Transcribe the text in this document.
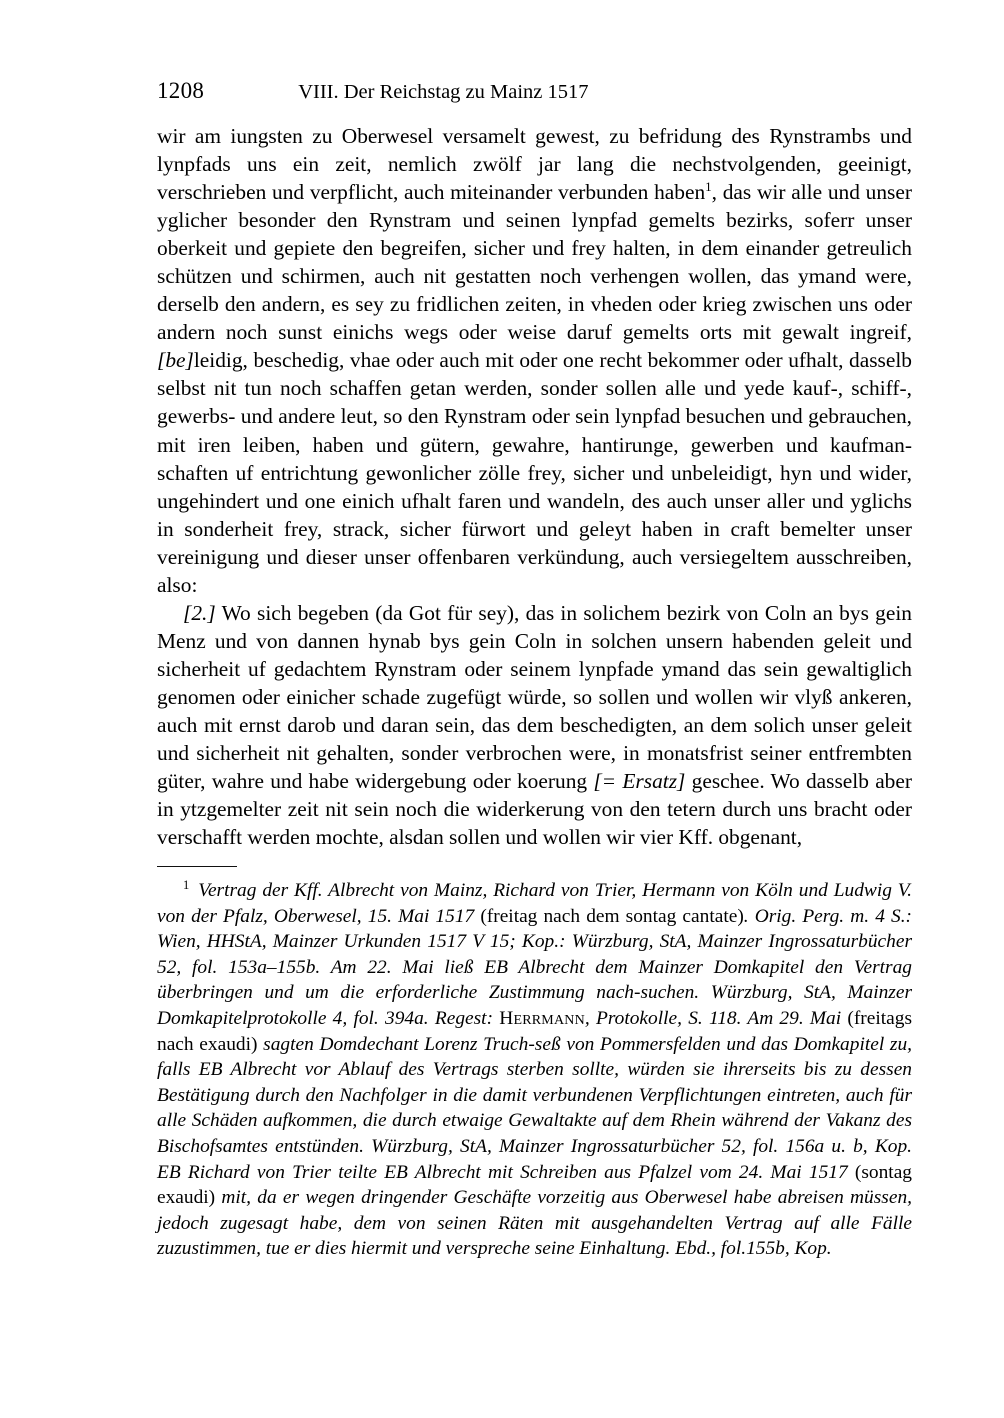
1208	VIII. Der Reichstag zu Mainz 1517

wir am iungsten zu Oberwesel versamelt gewest, zu befridung des Rynstrambs und lynpfads uns ein zeit, nemlich zwölf jar lang die nechstvolgenden, geeinigt, verschrieben und verpflicht, auch miteinander verbunden haben$^1$, das wir alle und unser yglicher besonder den Rynstram und seinen lynpfad gemelts bezirks, soferr unser oberkeit und gepiete den begreifen, sicher und frey halten, in dem einander getreulich schützen und schirmen, auch nit gestatten noch verhengen wollen, das ymand were, derselb den andern, es sey zu fridlichen zeiten, in vheden oder krieg zwischen uns oder andern noch sunst einichs wegs oder weise daruf gemelts orts mit gewalt ingreif, [be]leidig, beschedig, vhae oder auch mit oder one recht bekommer oder ufhalt, dasselb selbst nit tun noch schaffen getan werden, sonder sollen alle und yede kauf-, schiff-, gewerbs- und andere leut, so den Rynstram oder sein lynpfad besuchen und gebrauchen, mit iren leiben, haben und gütern, gewahre, hantirunge, gewerben und kaufman-schaften uf entrichtung gewonlicher zölle frey, sicher und unbeleidigt, hyn und wider, ungehindert und one einich ufhalt faren und wandeln, des auch unser aller und yglichs in sonderheit frey, strack, sicher fürwort und geleyt haben in craft bemelter unser vereinigung und dieser unser offenbaren verkündung, auch versiegeltem ausschreiben, also:

[2.] Wo sich begeben (da Got für sey), das in solichem bezirk von Coln an bys gein Menz und von dannen hynab bys gein Coln in solchen unsern habenden geleit und sicherheit uf gedachtem Rynstram oder seinem lynpfade ymand das sein gewaltiglich genomen oder einicher schade zugefügt würde, so sollen und wollen wir vlyß ankeren, auch mit ernst darob und daran sein, das dem beschedigten, an dem solich unser geleit und sicherheit nit gehalten, sonder verbrochen were, in monatsfrist seiner entfrembten güter, wahre und habe widergebung oder koerung [= Ersatz] geschee. Wo dasselb aber in ytzgemelter zeit nit sein noch die widerkerung von den tetern durch uns bracht oder verschafft werden mochte, alsdan sollen und wollen wir vier Kff. obgenant,

$^1$ Vertrag der Kff. Albrecht von Mainz, Richard von Trier, Hermann von Köln und Ludwig V. von der Pfalz, Oberwesel, 15. Mai 1517 (freitag nach dem sontag cantate). Orig. Perg. m. 4 S.: Wien, HHStA, Mainzer Urkunden 1517 V 15; Kop.: Würzburg, StA, Mainzer Ingrossaturbücher 52, fol. 153a–155b. Am 22. Mai ließ EB Albrecht dem Mainzer Domkapitel den Vertrag überbringen und um die erforderliche Zustimmung nach-suchen. Würzburg, StA, Mainzer Domkapitelprotokolle 4, fol. 394a. Regest: Herrmann, Protokolle, S. 118. Am 29. Mai (freitags nach exaudi) sagten Domdechant Lorenz Truch-seß von Pommersfelden und das Domkapitel zu, falls EB Albrecht vor Ablauf des Vertrags sterben sollte, würden sie ihrerseits bis zu dessen Bestätigung durch den Nachfolger in die damit verbundenen Verpflichtungen eintreten, auch für alle Schäden aufkommen, die durch etwaige Gewaltakte auf dem Rhein während der Vakanz des Bischofsamtes entstünden. Würzburg, StA, Mainzer Ingrossaturbücher 52, fol. 156a u. b, Kop. EB Richard von Trier teilte EB Albrecht mit Schreiben aus Pfalzel vom 24. Mai 1517 (sontag exaudi) mit, da er wegen dringender Geschäfte vorzeitig aus Oberwesel habe abreisen müssen, jedoch zugesagt habe, dem von seinen Räten mit ausgehandelten Vertrag auf alle Fälle zuzustimmen, tue er dies hiermit und verspreche seine Einhaltung. Ebd., fol.155b, Kop.
